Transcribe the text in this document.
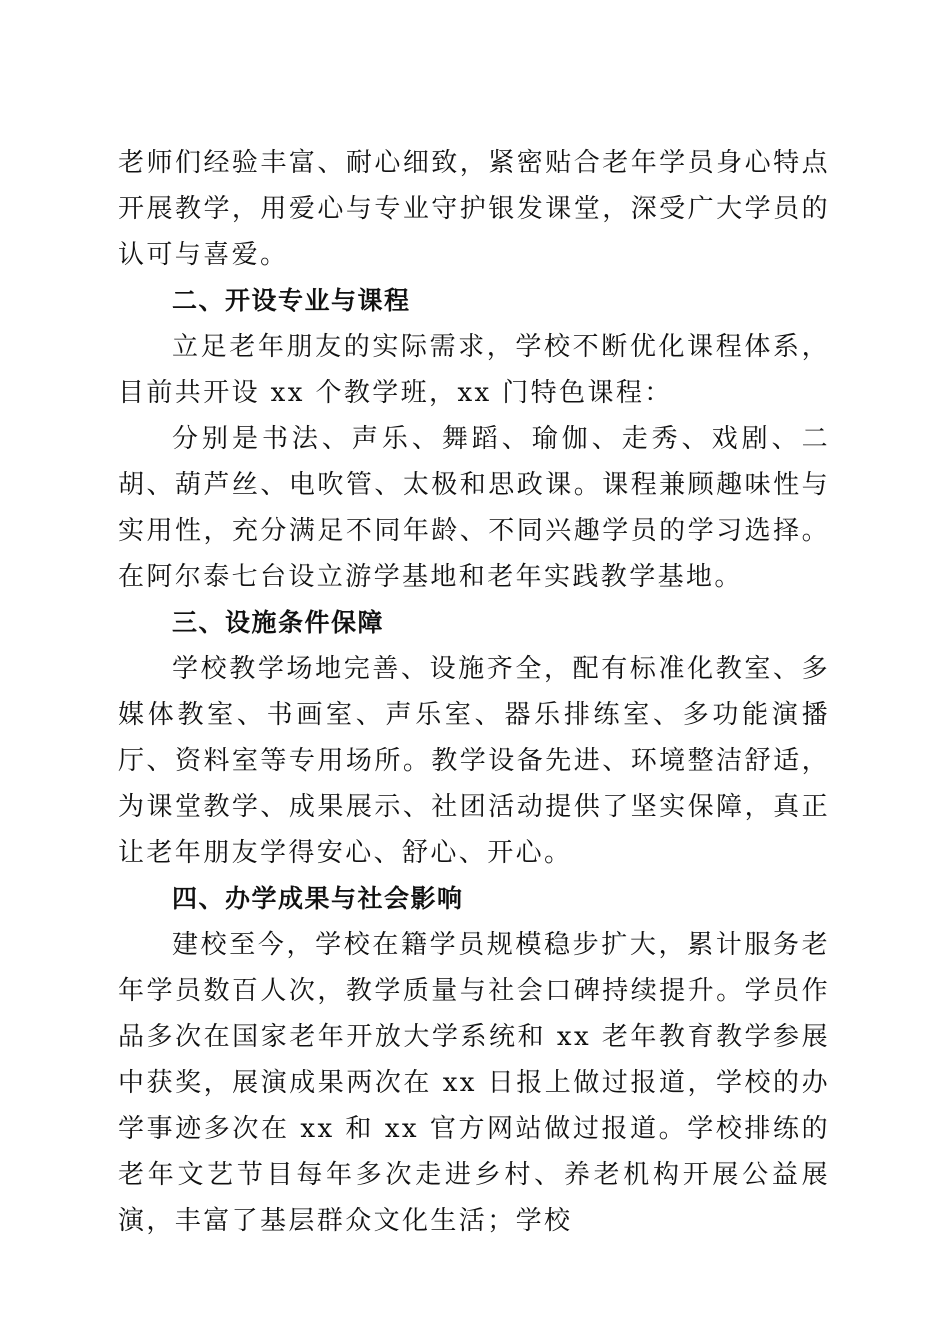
老师们经验丰富、耐心细致，紧密贴合老年学员身心特点开展教学，用爱心与专业守护银发课堂，深受广大学员的认可与喜爱。

二、开设专业与课程

立足老年朋友的实际需求，学校不断优化课程体系，目前共开设 xx 个教学班，xx 门特色课程：

分别是书法、声乐、舞蹈、瑜伽、走秀、戏剧、二胡、葫芦丝、电吹管、太极和思政课。课程兼顾趣味性与实用性，充分满足不同年龄、不同兴趣学员的学习选择。在阿尔泰七台设立游学基地和老年实践教学基地。

三、设施条件保障

学校教学场地完善、设施齐全，配有标准化教室、多媒体教室、书画室、声乐室、器乐排练室、多功能演播厅、资料室等专用场所。教学设备先进、环境整洁舒适，为课堂教学、成果展示、社团活动提供了坚实保障，真正让老年朋友学得安心、舒心、开心。

四、办学成果与社会影响

建校至今，学校在籍学员规模稳步扩大，累计服务老年学员数百人次，教学质量与社会口碑持续提升。学员作品多次在国家老年开放大学系统和 xx 老年教育教学参展中获奖，展演成果两次在 xx 日报上做过报道，学校的办学事迹多次在 xx 和 xx 官方网站做过报道。学校排练的老年文艺节目每年多次走进乡村、养老机构开展公益展演，丰富了基层群众文化生活；学校
